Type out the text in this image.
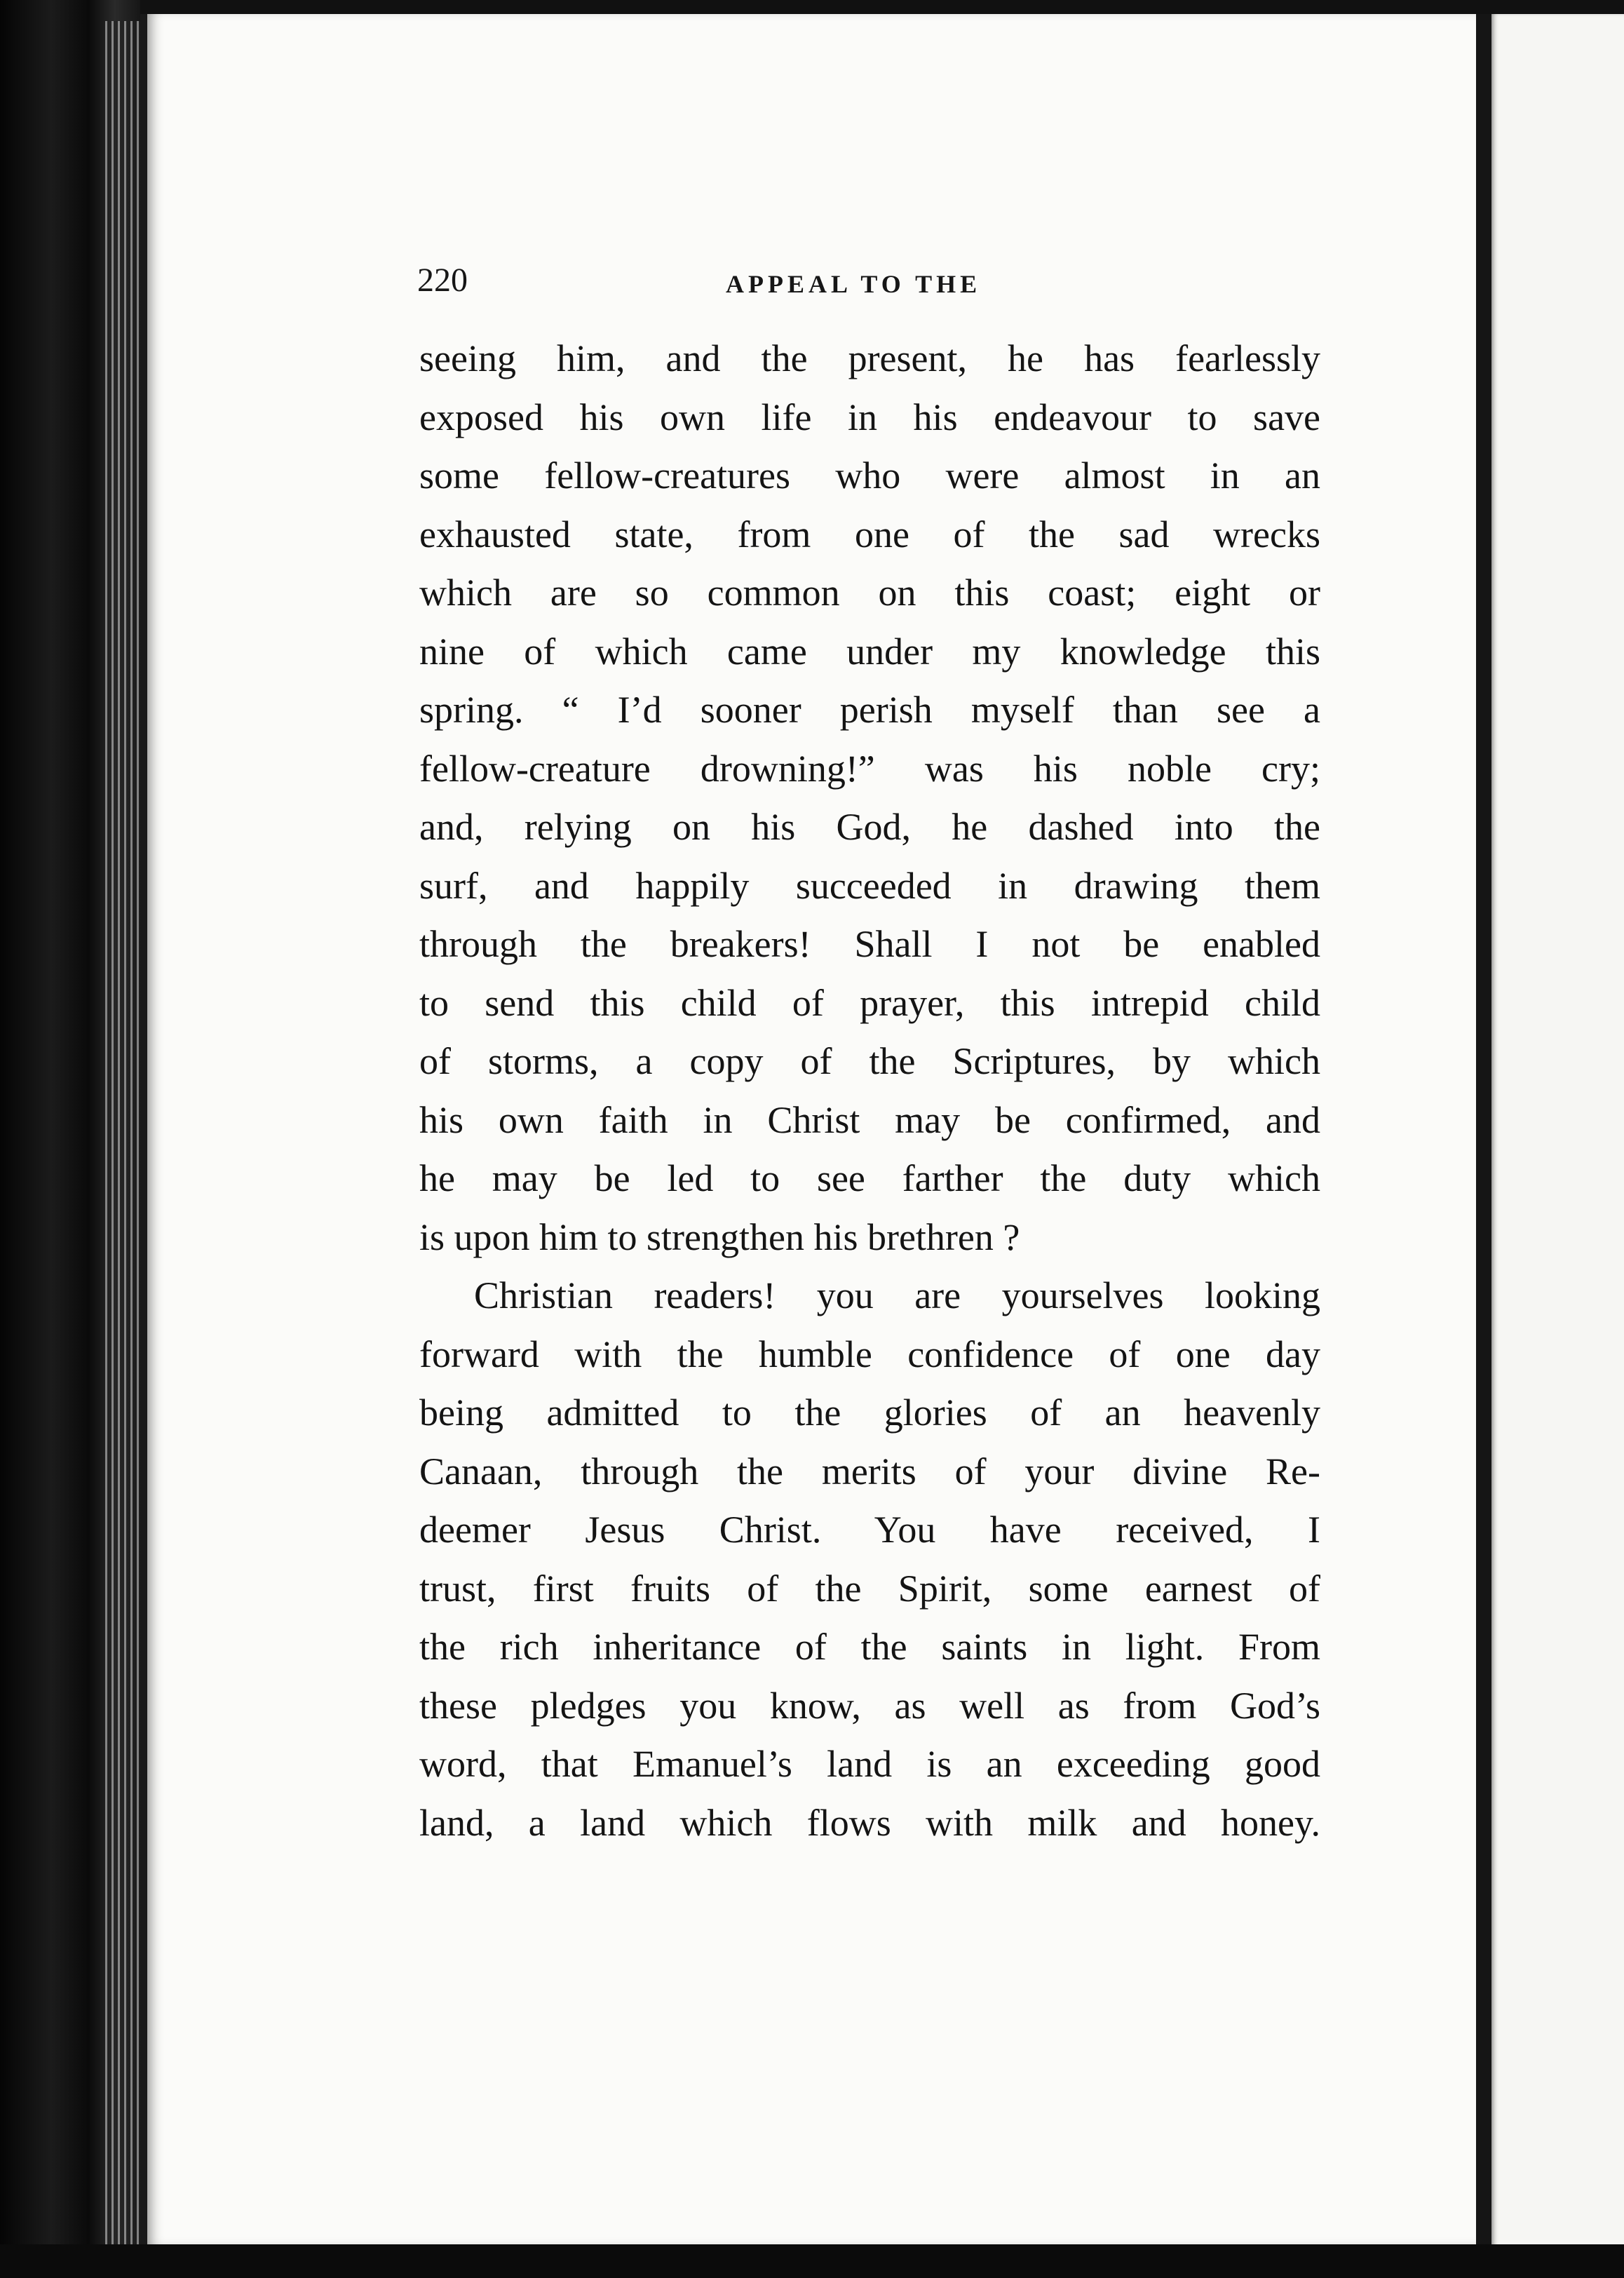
220	APPEAL TO THE
seeing him, and the present, he has fearlessly
exposed his own life in his endeavour to save
some fellow-creatures who were almost in an
exhausted state, from one of the sad wrecks
which are so common on this coast; eight or
nine of which came under my knowledge this
spring. “ I’d sooner perish myself than see a
fellow-creature drowning!” was his noble cry;
and, relying on his God, he dashed into the
surf, and happily succeeded in drawing them
through the breakers! Shall I not be enabled
to send this child of prayer, this intrepid child
of storms, a copy of the Scriptures, by which
his own faith in Christ may be confirmed, and
he may be led to see farther the duty which
is upon him to strengthen his brethren ?
Christian readers! you are yourselves looking
forward with the humble confidence of one day
being admitted to the glories of an heavenly
Canaan, through the merits of your divine Re-
deemer Jesus Christ. You have received, I
trust, first fruits of the Spirit, some earnest of
the rich inheritance of the saints in light. From
these pledges you know, as well as from God’s
word, that Emanuel’s land is an exceeding good
land, a land which flows with milk and honey.
